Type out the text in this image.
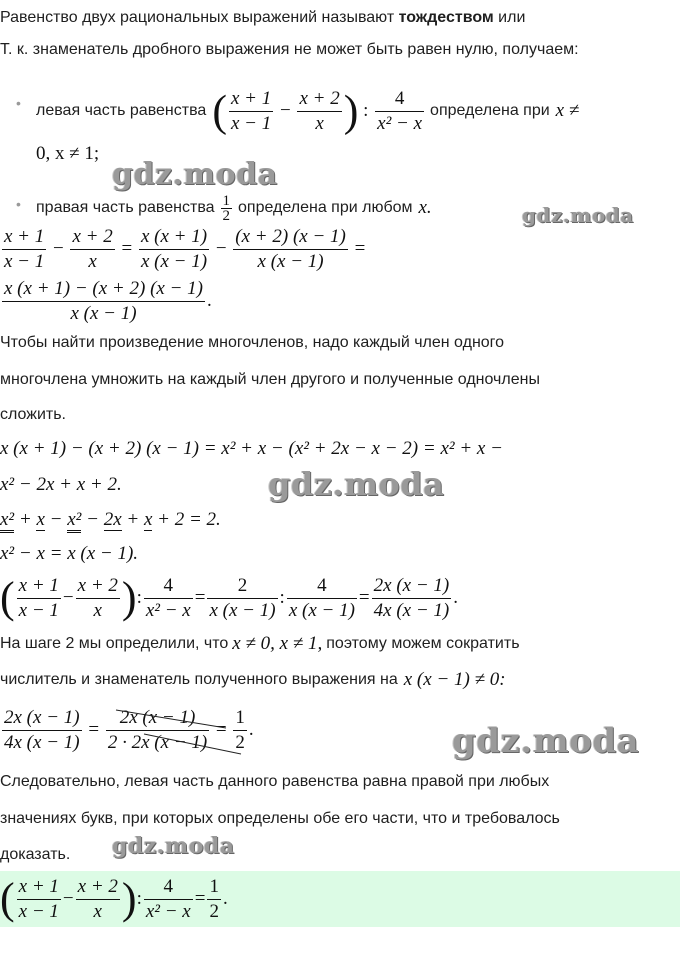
Равенство двух рациональных выражений называют тождеством или
Т. к. знаменатель дробного выражения не может быть равен нулю, получаем:
• левая часть равенства ( $\frac{x + 1}{x - 1} - \frac{x + 2}{x}$ ) : $\frac{4}{\text{x² − x}}$ определена при x ≠
0, x ≠ 1;
gdz.moda
• правая часть равенства $\frac{1}{2}$ определена при любом x.	gdz.moda
$\frac{x + 1}{x - 1} - \frac{x + 2}{x} = \frac{x (x + 1)}{x (x - 1)} - \frac{(x + 2) (x - 1)}{x (x - 1)}$ =
$\frac{x (x + 1) - (x + 2) (x - 1)}{x (x - 1)}$ .
Чтобы найти произведение многочленов, надо каждый член одного
многочлена умножить на каждый член другого и полученные одночлены
сложить.
x (x + 1) − (x + 2) (x − 1) = x² + x − (x² + 2x − x − 2) = x² + x −
x² − 2x + x + 2.	gdz.moda
x² + x − x² − 2x + x + 2 = 2.
x² − x = x (x − 1).
( $\frac{x + 1}{x - 1} - \frac{x + 2}{x}$ ) : $\frac{4}{\text{x² − x}} = \frac{2}{x (x - 1)}$ : $\frac{4}{x (x - 1)} = \frac{2x (x - 1)}{4x (x - 1)}$ .
На шаге 2 мы определили, что x ≠ 0, x ≠ 1, поэтому можем сократить
числитель и знаменатель полученного выражения на x (x − 1) ≠ 0:
$\frac{2x (x - 1)}{4x (x - 1)} = \frac{2x (x - 1)}{2 \cdot 2x (x - 1)} = \frac{1}{2}$ .	gdz.moda
Следовательно, левая часть данного равенства равна правой при любых
значениях букв, при которых определены обе его части, что и требовалось
доказать. gdz.moda
( $\frac{x + 1}{x - 1} - \frac{x + 2}{x}$ ) : $\frac{4}{\text{x² − x}} = \frac{1}{2}$ .
